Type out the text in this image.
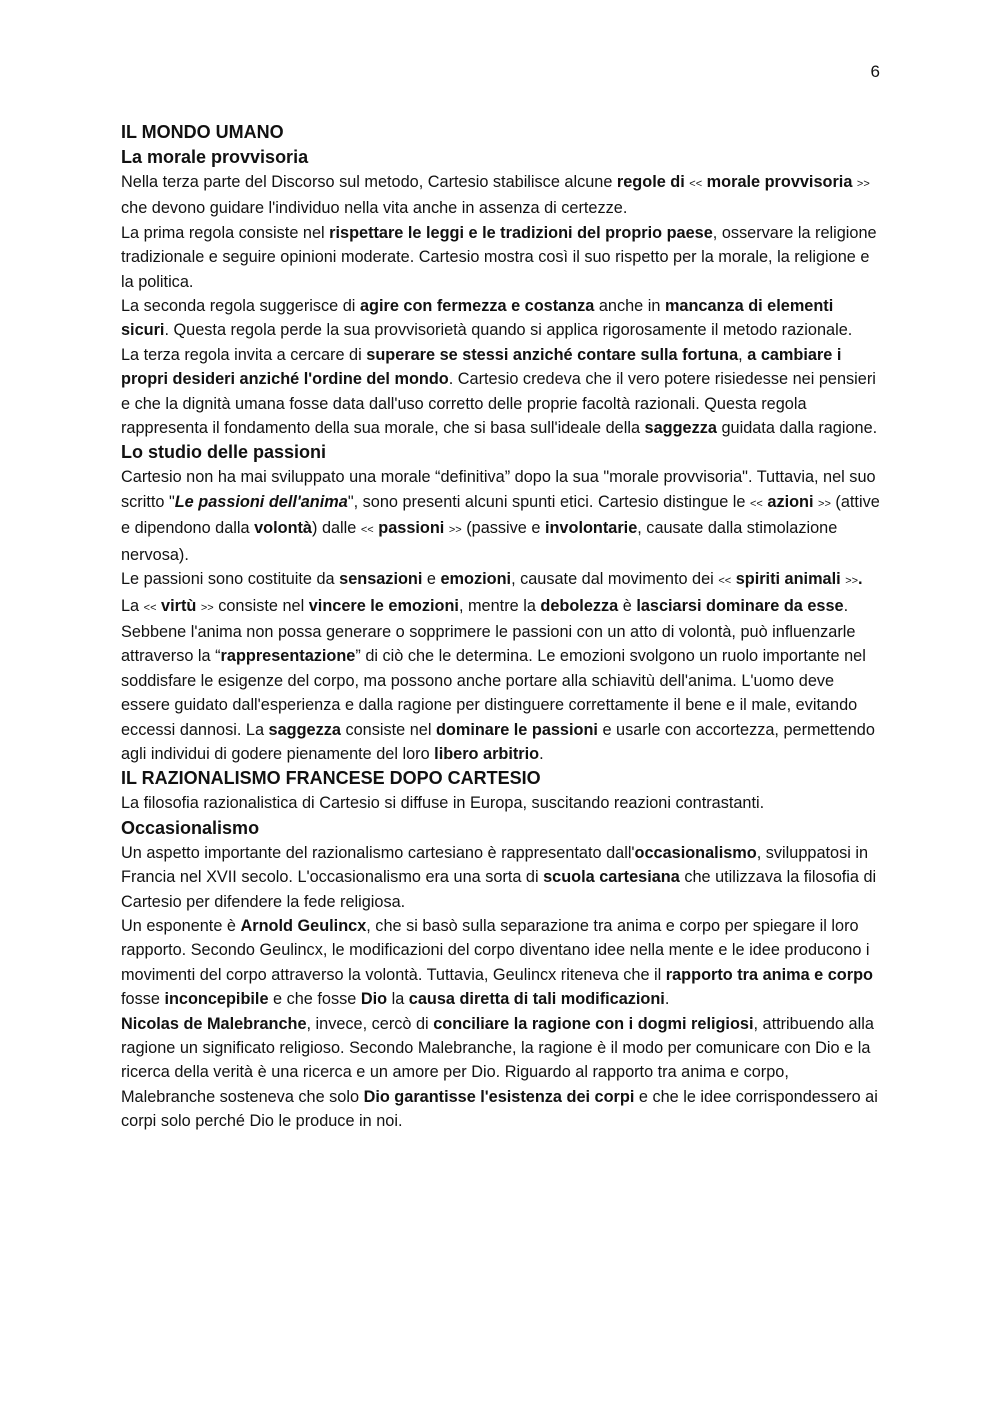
6
IL MONDO UMANO
La morale provvisoria

Nella terza parte del Discorso sul metodo, Cartesio stabilisce alcune regole di << morale provvisoria >> che devono guidare l'individuo nella vita anche in assenza di certezze.

La prima regola consiste nel rispettare le leggi e le tradizioni del proprio paese, osservare la religione tradizionale e seguire opinioni moderate. Cartesio mostra così il suo rispetto per la morale, la religione e la politica.

La seconda regola suggerisce di agire con fermezza e costanza anche in mancanza di elementi sicuri. Questa regola perde la sua provvisorietà quando si applica rigorosamente il metodo razionale.

La terza regola invita a cercare di superare se stessi anziché contare sulla fortuna, a cambiare i propri desideri anziché l'ordine del mondo. Cartesio credeva che il vero potere risiedesse nei pensieri e che la dignità umana fosse data dall'uso corretto delle proprie facoltà razionali. Questa regola rappresenta il fondamento della sua morale, che si basa sull'ideale della saggezza guidata dalla ragione.

Lo studio delle passioni

Cartesio non ha mai sviluppato una morale “definitiva” dopo la sua "morale provvisoria". Tuttavia, nel suo scritto "Le passioni dell'anima", sono presenti alcuni spunti etici. Cartesio distingue le << azioni >> (attive e dipendono dalla volontà) dalle << passioni >> (passive e involontarie, causate dalla stimolazione nervosa).

Le passioni sono costituite da sensazioni e emozioni, causate dal movimento dei << spiriti animali >>. La << virtù >> consiste nel vincere le emozioni, mentre la debolezza è lasciarsi dominare da esse. Sebbene l'anima non possa generare o sopprimere le passioni con un atto di volontà, può influenzarle attraverso la “rappresentazione” di ciò che le determina. Le emozioni svolgono un ruolo importante nel soddisfare le esigenze del corpo, ma possono anche portare alla schiavitù dell'anima. L'uomo deve essere guidato dall'esperienza e dalla ragione per distinguere correttamente il bene e il male, evitando eccessi dannosi. La saggezza consiste nel dominare le passioni e usarle con accortezza, permettendo agli individui di godere pienamente del loro libero arbitrio.

IL RAZIONALISMO FRANCESE DOPO CARTESIO

La filosofia razionalistica di Cartesio si diffuse in Europa, suscitando reazioni contrastanti.

Occasionalismo

Un aspetto importante del razionalismo cartesiano è rappresentato dall'occasionalismo, sviluppatosi in Francia nel XVII secolo. L'occasionalismo era una sorta di scuola cartesiana che utilizzava la filosofia di Cartesio per difendere la fede religiosa.

Un esponente è Arnold Geulincx, che si basò sulla separazione tra anima e corpo per spiegare il loro rapporto. Secondo Geulincx, le modificazioni del corpo diventano idee nella mente e le idee producono i movimenti del corpo attraverso la volontà. Tuttavia, Geulincx riteneva che il rapporto tra anima e corpo fosse inconcepibile e che fosse Dio la causa diretta di tali modificazioni.

Nicolas de Malebranche, invece, cercò di conciliare la ragione con i dogmi religiosi, attribuendo alla ragione un significato religioso. Secondo Malebranche, la ragione è il modo per comunicare con Dio e la ricerca della verità è una ricerca e un amore per Dio. Riguardo al rapporto tra anima e corpo, Malebranche sosteneva che solo Dio garantisse l'esistenza dei corpi e che le idee corrispondessero ai corpi solo perché Dio le produce in noi.
